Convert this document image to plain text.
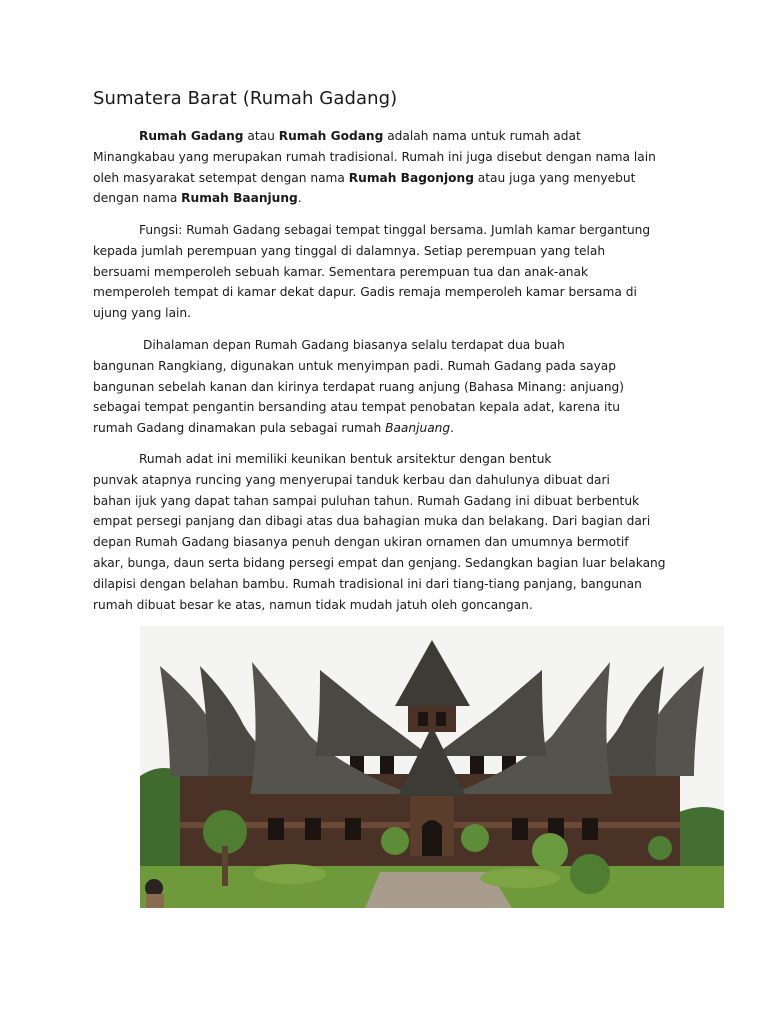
Sumatera Barat (Rumah Gadang)
Rumah Gadang atau Rumah Godang adalah nama untuk rumah adat
Minangkabau yang merupakan rumah tradisional. Rumah ini juga disebut dengan nama lain
oleh masyarakat setempat dengan nama Rumah Bagonjong atau juga yang menyebut
dengan nama Rumah Baanjung.
Fungsi: Rumah Gadang sebagai tempat tinggal bersama. Jumlah kamar bergantung
kepada jumlah perempuan yang tinggal di dalamnya. Setiap perempuan yang telah
bersuami memperoleh sebuah kamar. Sementara perempuan tua dan anak-anak
memperoleh tempat di kamar dekat dapur. Gadis remaja memperoleh kamar bersama di
ujung yang lain.
Dihalaman depan Rumah Gadang biasanya selalu terdapat dua buah
bangunan Rangkiang, digunakan untuk menyimpan padi. Rumah Gadang pada sayap
bangunan sebelah kanan dan kirinya terdapat ruang anjung (Bahasa Minang: anjuang)
sebagai tempat pengantin bersanding atau tempat penobatan kepala adat, karena itu
rumah Gadang dinamakan pula sebagai rumah Baanjuang.
Rumah adat ini memiliki keunikan bentuk arsitektur dengan bentuk
punvak atapnya runcing yang menyerupai tanduk kerbau dan dahulunya dibuat dari
bahan ijuk yang dapat tahan sampai puluhan tahun. Rumah Gadang ini dibuat berbentuk
empat persegi panjang dan dibagi atas dua bahagian muka dan belakang. Dari bagian dari
depan Rumah Gadang biasanya penuh dengan ukiran ornamen dan umumnya bermotif
akar, bunga, daun serta bidang persegi empat dan genjang. Sedangkan bagian luar belakang
dilapisi dengan belahan bambu. Rumah tradisional ini dari tiang-tiang panjang, bangunan
rumah dibuat besar ke atas, namun tidak mudah jatuh oleh goncangan.
